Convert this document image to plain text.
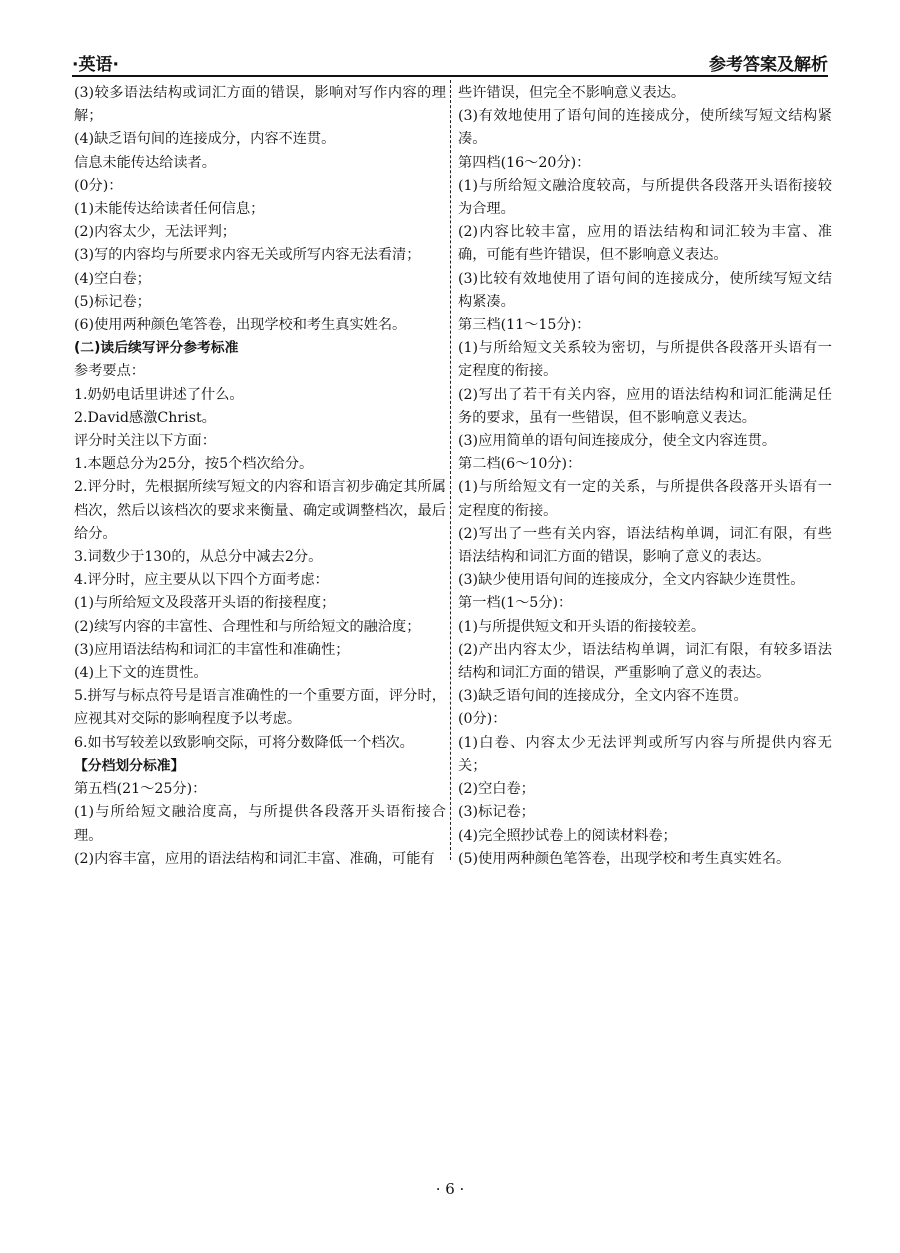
·英语·	参考答案及解析

(3)较多语法结构或词汇方面的错误，影响对写作内容的理解；

(4)缺乏语句间的连接成分，内容不连贯。

信息未能传达给读者。

(0分)：

(1)未能传达给读者任何信息；

(2)内容太少，无法评判；

(3)写的内容均与所要求内容无关或所写内容无法看清；

(4)空白卷；

(5)标记卷；

(6)使用两种颜色笔答卷，出现学校和考生真实姓名。

(二)读后续写评分参考标准

参考要点：

1.奶奶电话里讲述了什么。

2.David感激Christ。

评分时关注以下方面：

1.本题总分为25分，按5个档次给分。

2.评分时，先根据所续写短文的内容和语言初步确定其所属档次，然后以该档次的要求来衡量、确定或调整档次，最后给分。

3.词数少于130的，从总分中减去2分。

4.评分时，应主要从以下四个方面考虑：

(1)与所给短文及段落开头语的衔接程度；

(2)续写内容的丰富性、合理性和与所给短文的融洽度；

(3)应用语法结构和词汇的丰富性和准确性；

(4)上下文的连贯性。

5.拼写与标点符号是语言准确性的一个重要方面，评分时，应视其对交际的影响程度予以考虑。

6.如书写较差以致影响交际，可将分数降低一个档次。

【分档划分标准】

第五档(21～25分)：

(1)与所给短文融洽度高，与所提供各段落开头语衔接合理。

(2)内容丰富，应用的语法结构和词汇丰富、准确，可能有

些许错误，但完全不影响意义表达。

(3)有效地使用了语句间的连接成分，使所续写短文结构紧凑。

第四档(16～20分)：

(1)与所给短文融洽度较高，与所提供各段落开头语衔接较为合理。

(2)内容比较丰富，应用的语法结构和词汇较为丰富、准确，可能有些许错误，但不影响意义表达。

(3)比较有效地使用了语句间的连接成分，使所续写短文结构紧凑。

第三档(11～15分)：

(1)与所给短文关系较为密切，与所提供各段落开头语有一定程度的衔接。

(2)写出了若干有关内容，应用的语法结构和词汇能满足任务的要求，虽有一些错误，但不影响意义表达。

(3)应用简单的语句间连接成分，使全文内容连贯。

第二档(6～10分)：

(1)与所给短文有一定的关系，与所提供各段落开头语有一定程度的衔接。

(2)写出了一些有关内容，语法结构单调，词汇有限，有些语法结构和词汇方面的错误，影响了意义的表达。

(3)缺少使用语句间的连接成分，全文内容缺少连贯性。

第一档(1～5分)：

(1)与所提供短文和开头语的衔接较差。

(2)产出内容太少，语法结构单调，词汇有限，有较多语法结构和词汇方面的错误，严重影响了意义的表达。

(3)缺乏语句间的连接成分，全文内容不连贯。

(0分)：

(1)白卷、内容太少无法评判或所写内容与所提供内容无关；

(2)空白卷；

(3)标记卷；

(4)完全照抄试卷上的阅读材料卷；

(5)使用两种颜色笔答卷，出现学校和考生真实姓名。

· 6 ·
